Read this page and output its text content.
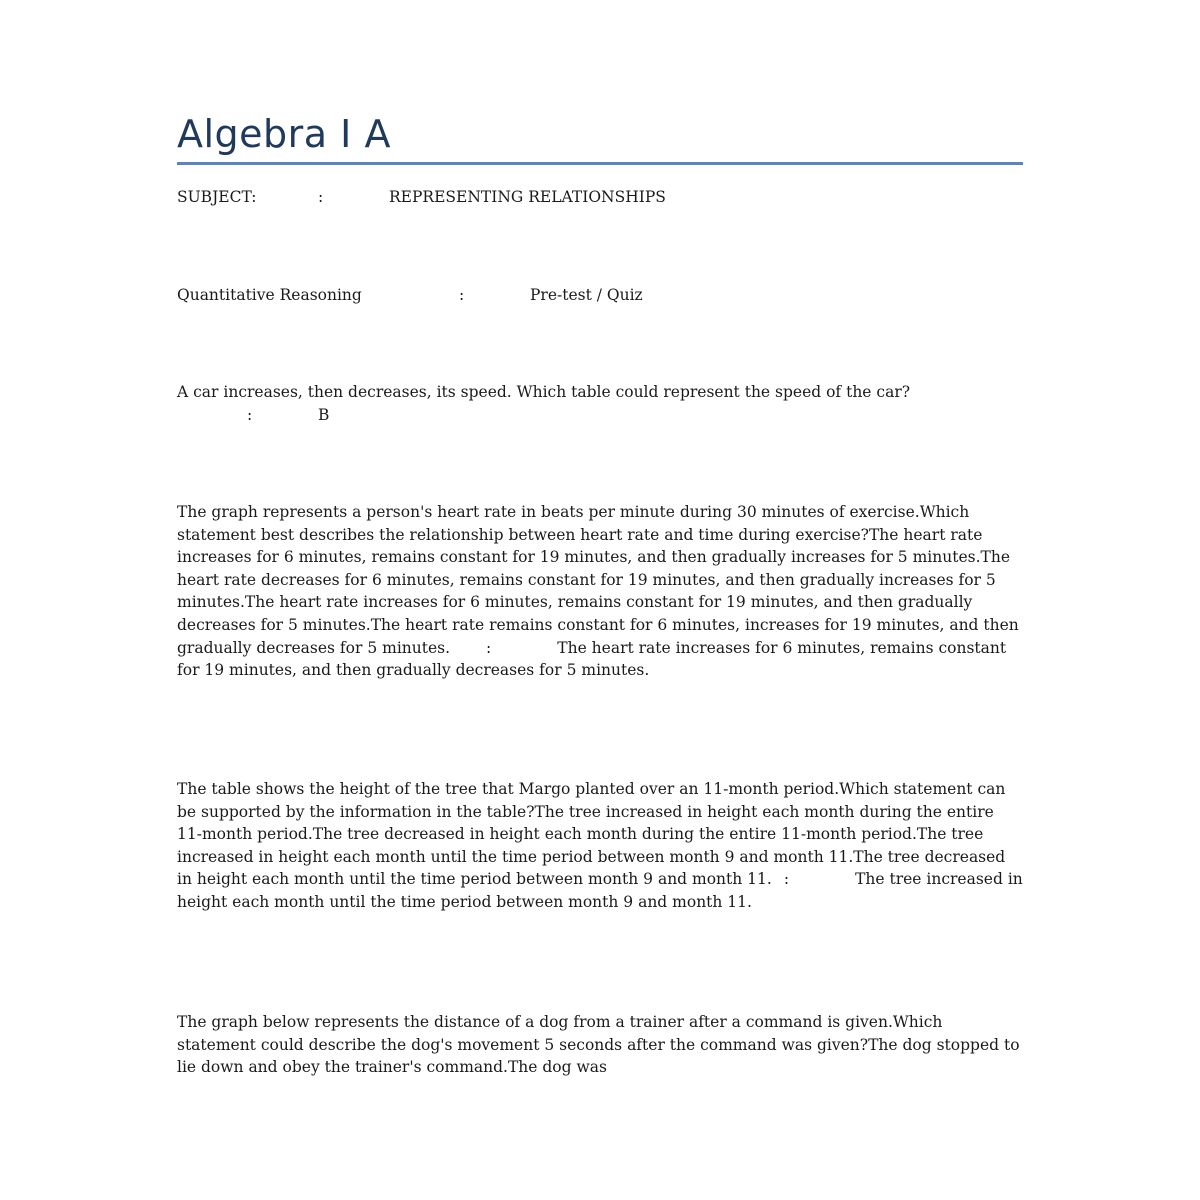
Algebra I A
SUBJECT:	:	REPRESENTING RELATIONSHIPS
Quantitative Reasoning	:	Pre-test / Quiz

A car increases, then decreases, its speed. Which table could represent the speed of the car?

:	B

The graph represents a person's heart rate in beats per minute during 30 minutes of exercise.Which statement best describes the relationship between heart rate and time during exercise?The heart rate increases for 6 minutes, remains constant for 19 minutes, and then gradually increases for 5 minutes.The heart rate decreases for 6 minutes, remains constant for 19 minutes, and then gradually increases for 5 minutes.The heart rate increases for 6 minutes, remains constant for 19 minutes, and then gradually decreases for 5 minutes.The heart rate remains constant for 6 minutes, increases for 19 minutes, and then gradually decreases for 5 minutes. :	The heart rate increases for 6 minutes, remains constant for 19 minutes, and then gradually decreases for 5 minutes.

The table shows the height of the tree that Margo planted over an 11-month period.Which statement can be supported by the information in the table?The tree increased in height each month during the entire 11-month period.The tree decreased in height each month during the entire 11-month period.The tree increased in height each month until the time period between month 9 and month 11.The tree decreased in height each month until the time period between month 9 and month 11. :	The tree increased in height each month until the time period between month 9 and month 11.

The graph below represents the distance of a dog from a trainer after a command is given.Which statement could describe the dog's movement 5 seconds after the command was given?The dog stopped to lie down and obey the trainer's command.The dog was
